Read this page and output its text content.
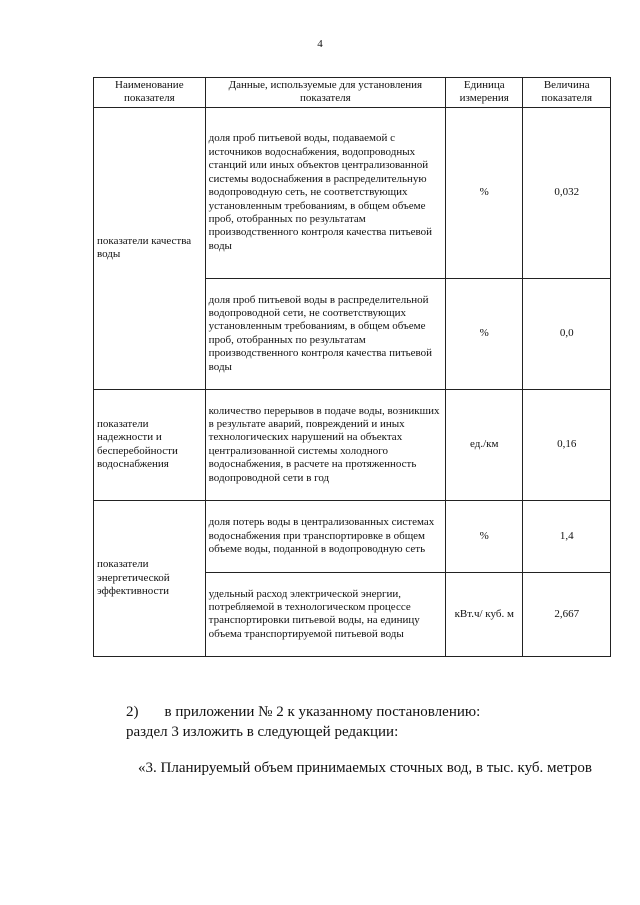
4
Наименование показателя	Данные, используемые для установления показателя	Единица измерения	Величина показателя
показатели качества воды	доля проб питьевой воды, подаваемой с источников водоснабжения, водопроводных станций или иных объектов централизованной системы водоснабжения в распределительную водопроводную сеть, не соответствующих установленным требованиям, в общем объеме проб, отобранных по результатам производственного контроля качества питьевой воды	%	0,032
	доля проб питьевой воды в распределительной водопроводной сети, не соответствующих установленным требованиям, в общем объеме проб, отобранных по результатам производственного контроля качества питьевой воды	%	0,0
показатели надежности и бесперебойности водоснабжения	количество перерывов в подаче воды, возникших в результате аварий, повреждений и иных технологических нарушений на объектах централизованной системы холодного водоснабжения, в расчете на протяженность водопроводной сети в год	ед./км	0,16
показатели энергетической эффективности	доля потерь воды в централизованных системах водоснабжения при транспортировке в общем объеме воды, поданной в водопроводную сеть	%	1,4
	удельный расход электрической энергии, потребляемой в технологическом процессе транспортировки питьевой воды, на единицу объема транспортируемой питьевой воды	кВт.ч/ куб. м	2,667
2) в приложении № 2 к указанному постановлению:
раздел 3 изложить в следующей редакции:
«3. Планируемый объем принимаемых сточных вод, в тыс. куб. метров
